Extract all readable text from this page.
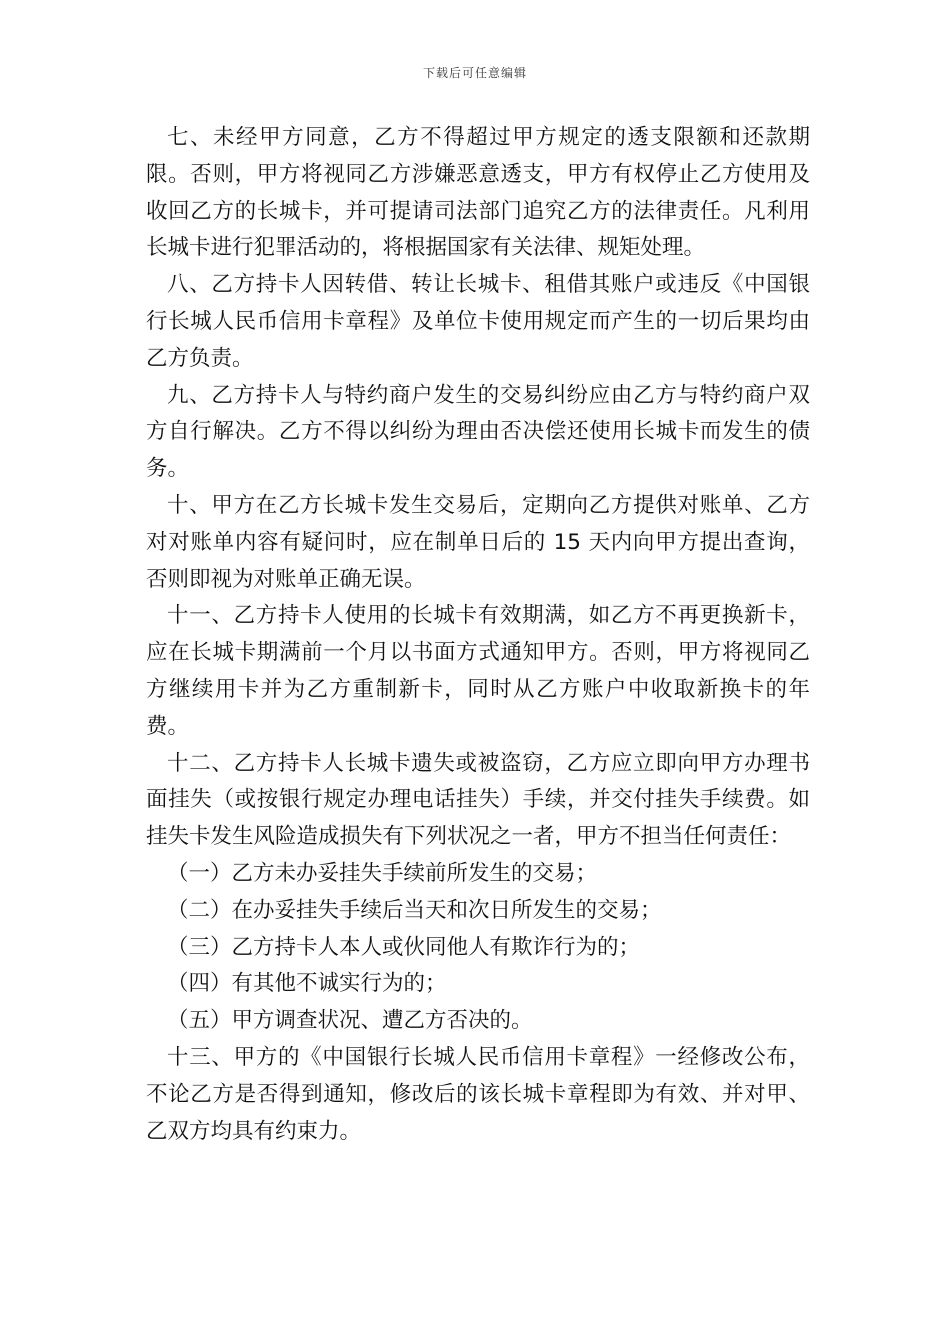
下载后可任意编辑

七、未经甲方同意，乙方不得超过甲方规定的透支限额和还款期限。否则，甲方将视同乙方涉嫌恶意透支，甲方有权停止乙方使用及收回乙方的长城卡，并可提请司法部门追究乙方的法律责任。凡利用长城卡进行犯罪活动的，将根据国家有关法律、规矩处理。

八、乙方持卡人因转借、转让长城卡、租借其账户或违反《中国银行长城人民币信用卡章程》及单位卡使用规定而产生的一切后果均由乙方负责。

九、乙方持卡人与特约商户发生的交易纠纷应由乙方与特约商户双方自行解决。乙方不得以纠纷为理由否决偿还使用长城卡而发生的债务。

十、甲方在乙方长城卡发生交易后，定期向乙方提供对账单、乙方对对账单内容有疑问时，应在制单日后的 15 天内向甲方提出查询，否则即视为对账单正确无误。

十一、乙方持卡人使用的长城卡有效期满，如乙方不再更换新卡，应在长城卡期满前一个月以书面方式通知甲方。否则，甲方将视同乙方继续用卡并为乙方重制新卡，同时从乙方账户中收取新换卡的年费。

十二、乙方持卡人长城卡遗失或被盗窃，乙方应立即向甲方办理书面挂失（或按银行规定办理电话挂失）手续，并交付挂失手续费。如挂失卡发生风险造成损失有下列状况之一者，甲方不担当任何责任：

（一）乙方未办妥挂失手续前所发生的交易；

（二）在办妥挂失手续后当天和次日所发生的交易；

（三）乙方持卡人本人或伙同他人有欺诈行为的；

（四）有其他不诚实行为的；

（五）甲方调查状况、遭乙方否决的。

十三、甲方的《中国银行长城人民币信用卡章程》一经修改公布，不论乙方是否得到通知，修改后的该长城卡章程即为有效、并对甲、乙双方均具有约束力。
